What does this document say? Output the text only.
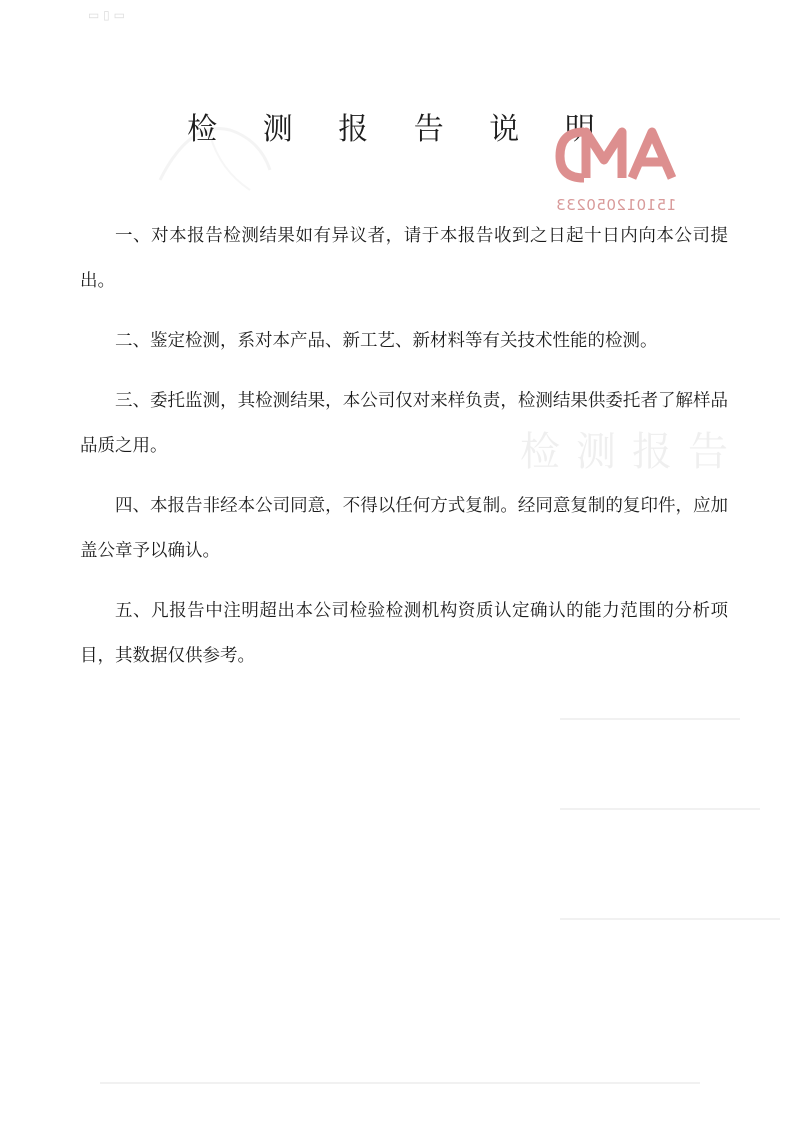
▭ ▯ ▭
检测报告
检 测 报 告 说 明
151012050233

一、对本报告检测结果如有异议者，请于本报告收到之日起十日内向本公司提出。

二、鉴定检测，系对本产品、新工艺、新材料等有关技术性能的检测。

三、委托监测，其检测结果，本公司仅对来样负责，检测结果供委托者了解样品品质之用。

四、本报告非经本公司同意，不得以任何方式复制。经同意复制的复印件，应加盖公章予以确认。

五、凡报告中注明超出本公司检验检测机构资质认定确认的能力范围的分析项目，其数据仅供参考。
